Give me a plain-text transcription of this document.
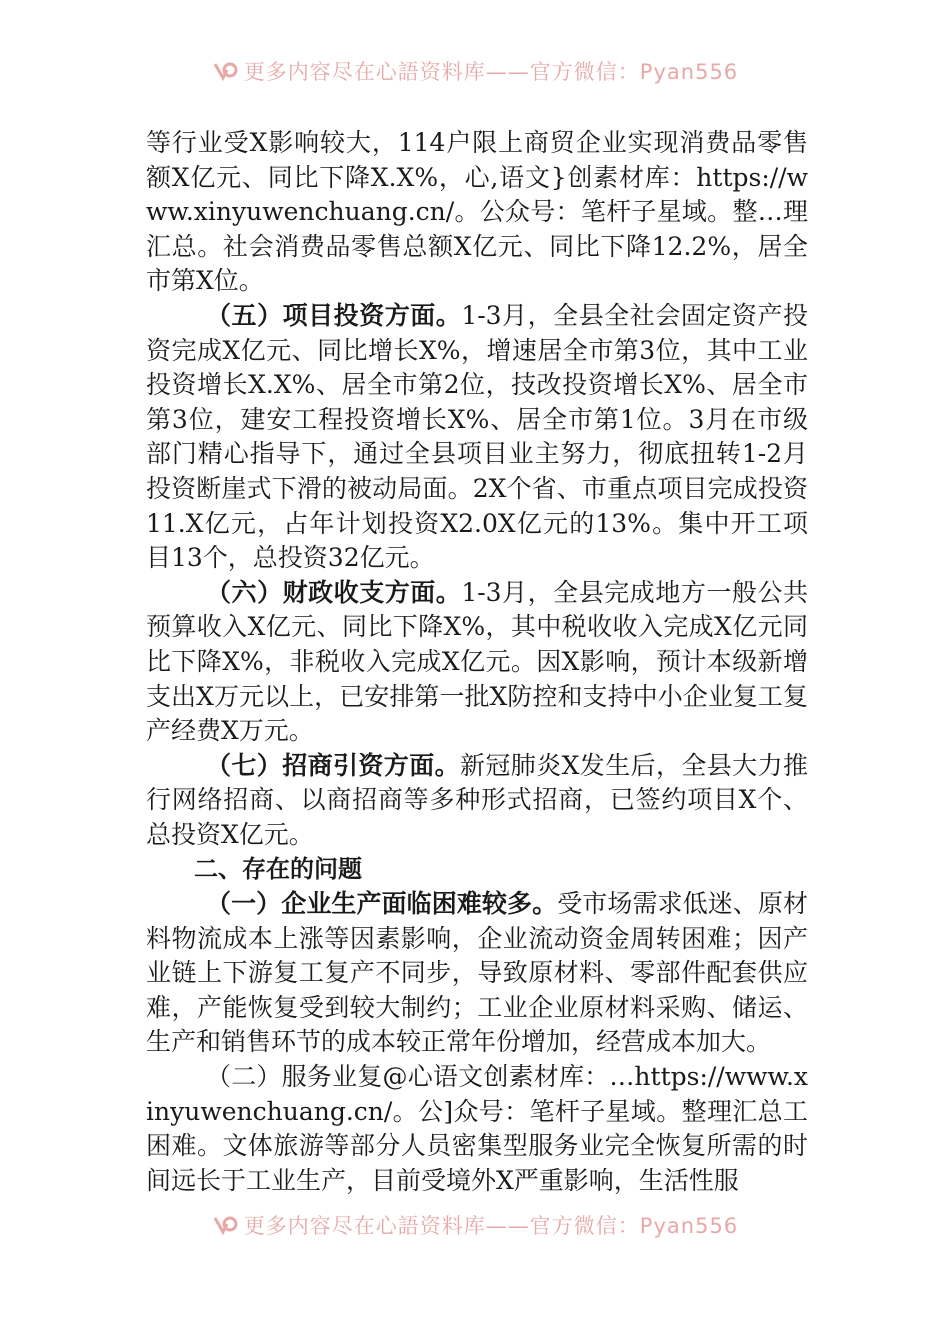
更多内容尽在心語资料库——官方微信：Pyan556

等行业受X影响较大，114户限上商贸企业实现消费品零售额X亿元、同比下降X.X%，心,语文}创素材库：https://www.xinyuwenchuang.cn/。公众号：笔杆子星域。整…理汇总。社会消费品零售总额X亿元、同比下降12.2%，居全市第X位。

（五）项目投资方面。1-3月，全县全社会固定资产投资完成X亿元、同比增长X%，增速居全市第3位，其中工业投资增长X.X%、居全市第2位，技改投资增长X%、居全市第3位，建安工程投资增长X%、居全市第1位。3月在市级部门精心指导下，通过全县项目业主努力，彻底扭转1-2月投资断崖式下滑的被动局面。2X个省、市重点项目完成投资11.X亿元，占年计划投资X2.0X亿元的13%。集中开工项目13个，总投资32亿元。

（六）财政收支方面。1-3月，全县完成地方一般公共预算收入X亿元、同比下降X%，其中税收收入完成X亿元同比下降X%，非税收入完成X亿元。因X影响，预计本级新增支出X万元以上，已安排第一批X防控和支持中小企业复工复产经费X万元。

（七）招商引资方面。新冠肺炎X发生后，全县大力推行网络招商、以商招商等多种形式招商，已签约项目X个、总投资X亿元。

二、存在的问题

（一）企业生产面临困难较多。受市场需求低迷、原材料物流成本上涨等因素影响，企业流动资金周转困难；因产业链上下游复工复产不同步，导致原材料、零部件配套供应难，产能恢复受到较大制约；工业企业原材料采购、储运、生产和销售环节的成本较正常年份增加，经营成本加大。

（二）服务业复@心语文创素材库：…https://www.xinyuwenchuang.cn/。公]众号：笔杆子星域。整理汇总工困难。文体旅游等部分人员密集型服务业完全恢复所需的时间远长于工业生产，目前受境外X严重影响，生活性服

更多内容尽在心語资料库——官方微信：Pyan556
